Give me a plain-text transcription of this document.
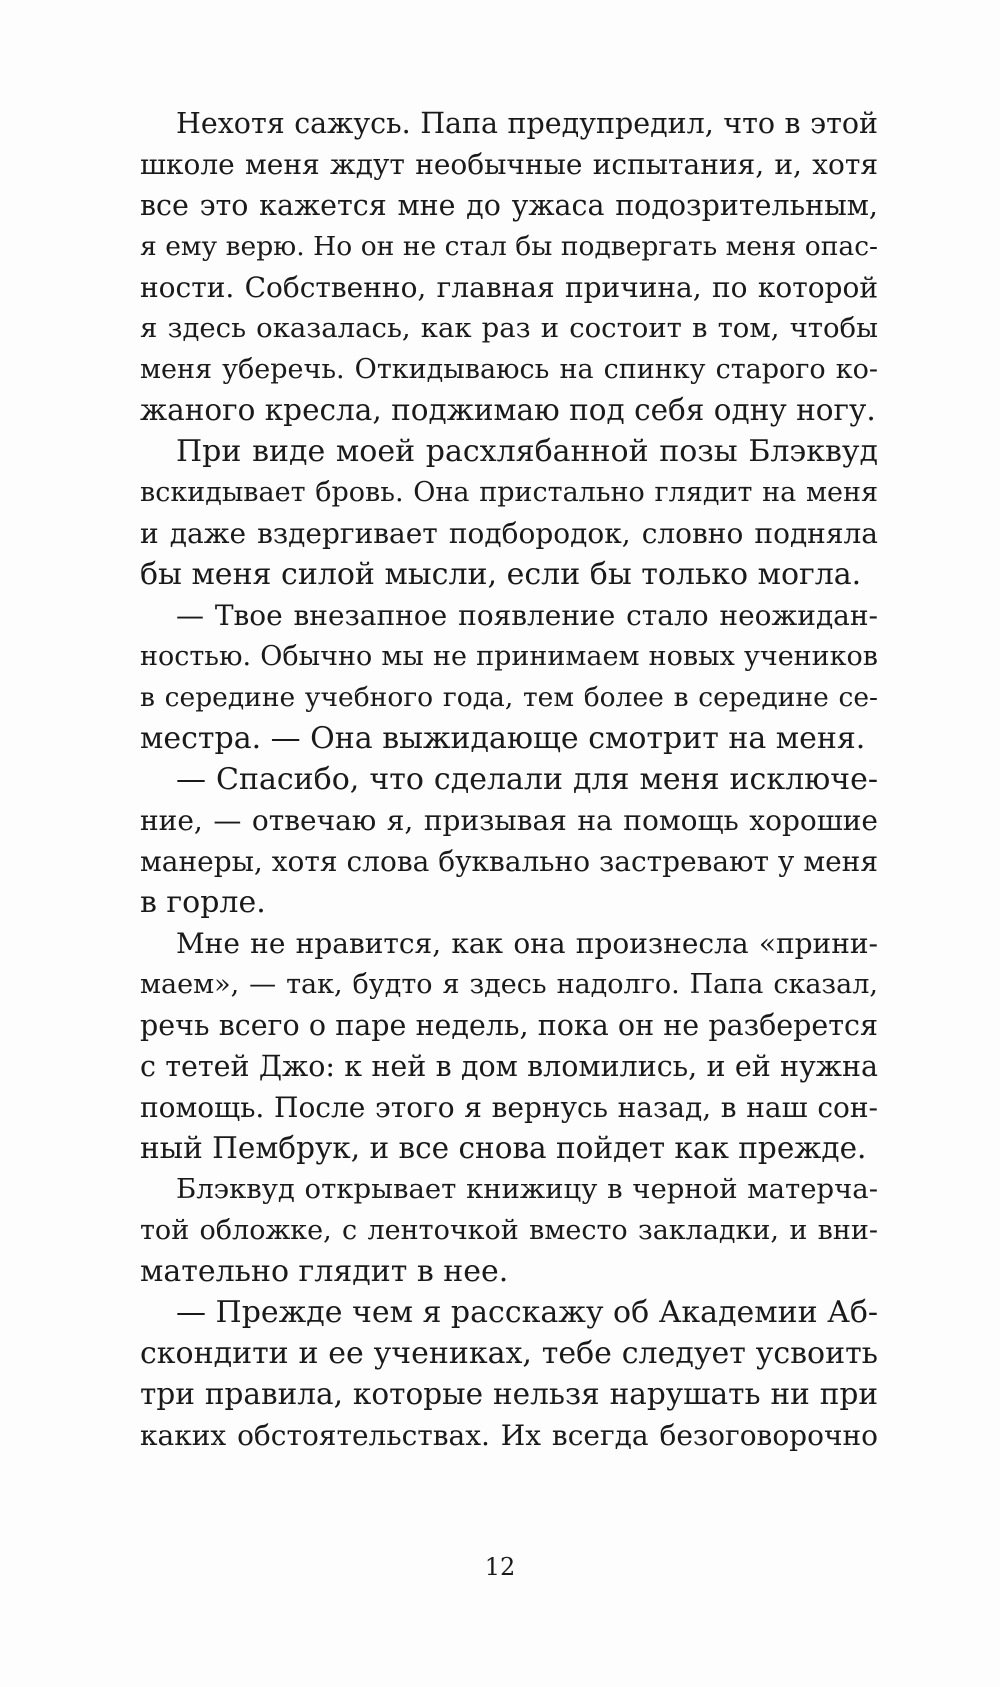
Нехотя сажусь. Папа предупредил, что в этой
школе меня ждут необычные испытания, и, хотя
все это кажется мне до ужаса подозрительным,
я ему верю. Но он не стал бы подвергать меня опас-
ности. Собственно, главная причина, по которой
я здесь оказалась, как раз и состоит в том, чтобы
меня уберечь. Откидываюсь на спинку старого ко-
жаного кресла, поджимаю под себя одну ногу.
При виде моей расхлябанной позы Блэквуд
вскидывает бровь. Она пристально глядит на меня
и даже вздергивает подбородок, словно подняла
бы меня силой мысли, если бы только могла.
— Твое внезапное появление стало неожидан-
ностью. Обычно мы не принимаем новых учеников
в середине учебного года, тем более в середине се-
местра. — Она выжидающе смотрит на меня.
— Спасибо, что сделали для меня исключе-
ние, — отвечаю я, призывая на помощь хорошие
манеры, хотя слова буквально застревают у меня
в горле.
Мне не нравится, как она произнесла «прини-
маем», — так, будто я здесь надолго. Папа сказал,
речь всего о паре недель, пока он не разберется
с тетей Джо: к ней в дом вломились, и ей нужна
помощь. После этого я вернусь назад, в наш сон-
ный Пембрук, и все снова пойдет как прежде.
Блэквуд открывает книжицу в черной матерча-
той обложке, с ленточкой вместо закладки, и вни-
мательно глядит в нее.
— Прежде чем я расскажу об Академии Аб-
скондити и ее учениках, тебе следует усвоить
три правила, которые нельзя нарушать ни при
каких обстоятельствах. Их всегда безоговорочно
12
